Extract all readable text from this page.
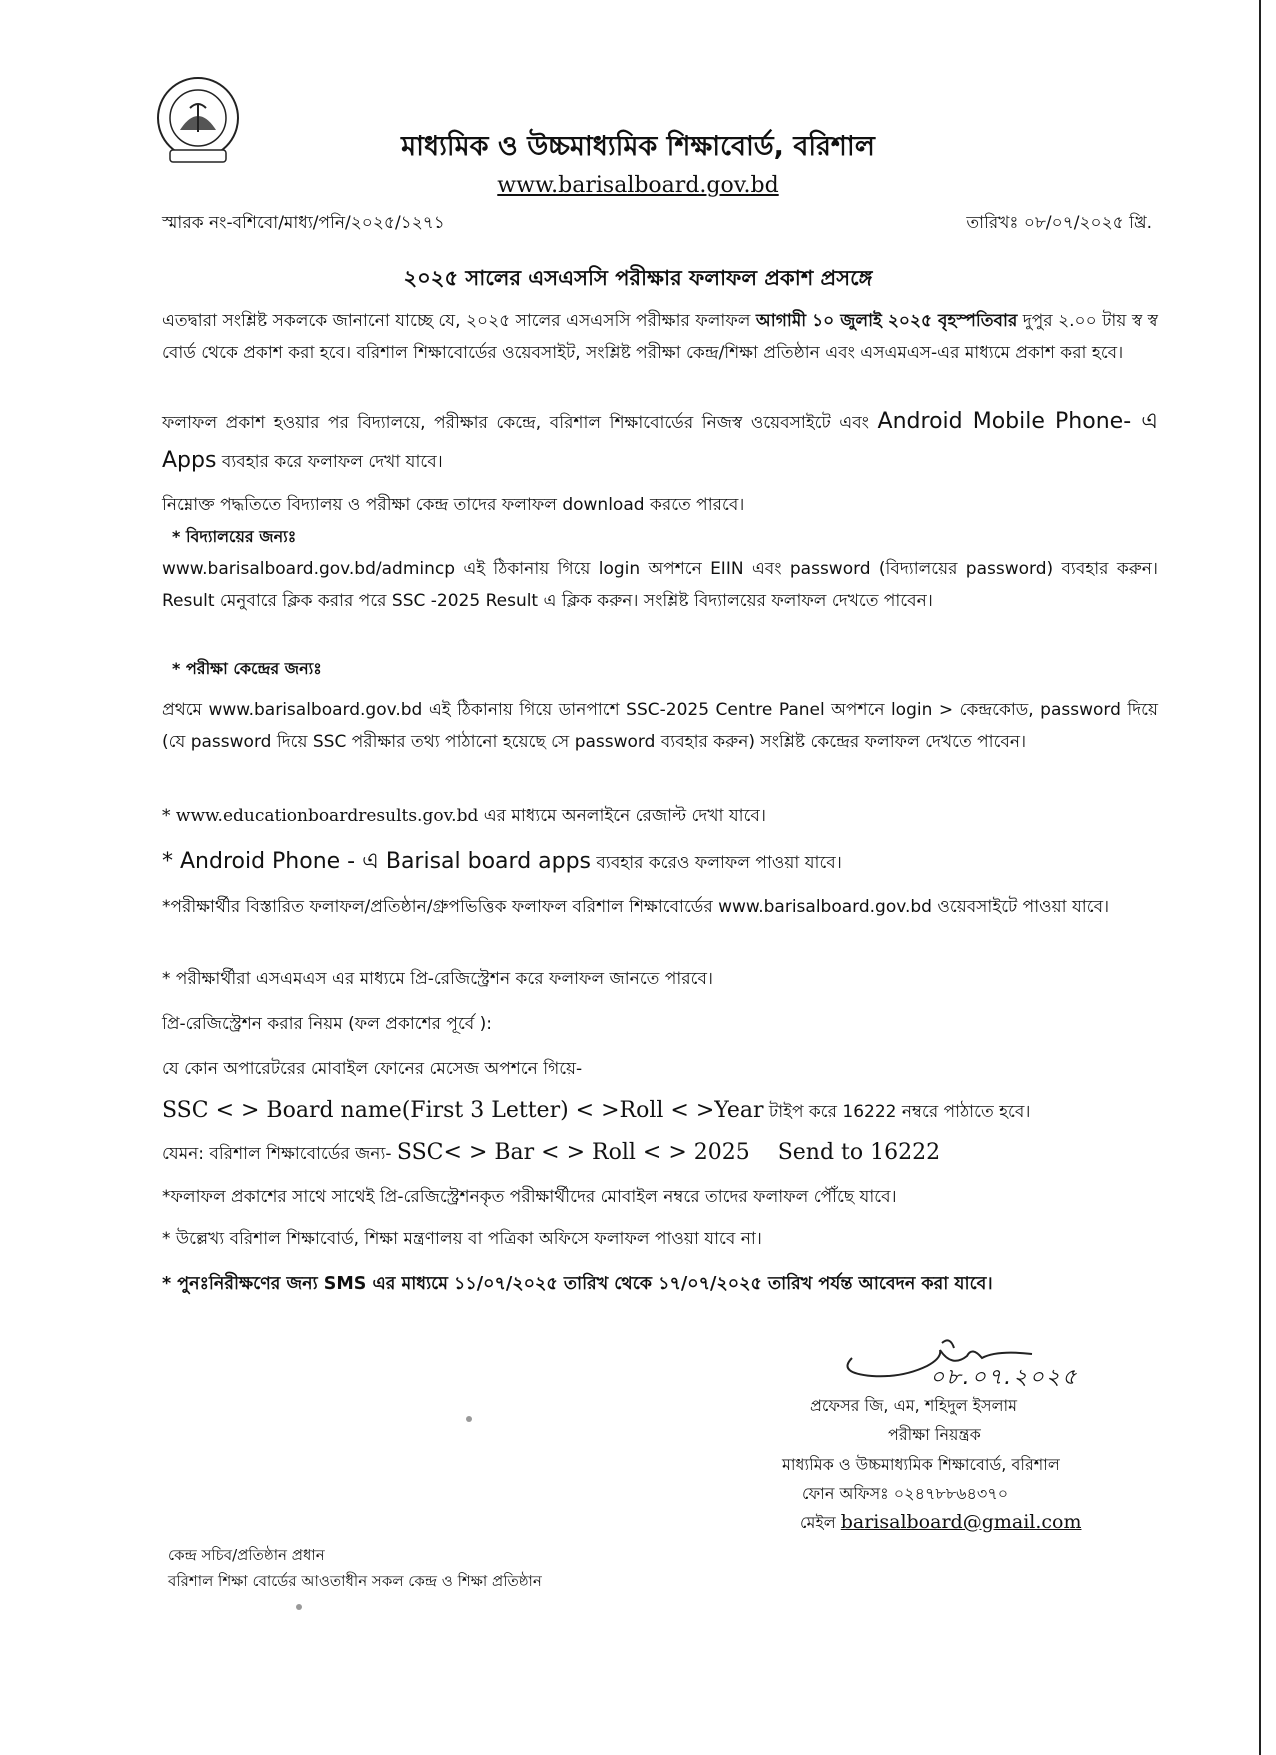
মাধ্যমিক ও উচ্চমাধ্যমিক শিক্ষাবোর্ড, বরিশাল
www.barisalboard.gov.bd
স্মারক নং-বশিবো/মাধ্য/পনি/২০২৫/১২৭১	তারিখঃ ০৮/০৭/২০২৫ খ্রি.
২০২৫ সালের এসএসসি পরীক্ষার ফলাফল প্রকাশ প্রসঙ্গে

এতদ্বারা সংশ্লিষ্ট সকলকে জানানো যাচ্ছে যে, ২০২৫ সালের এসএসসি পরীক্ষার ফলাফল আগামী ১০ জুলাই ২০২৫ বৃহস্পতিবার দুপুর ২.০০ টায় স্ব স্ব বোর্ড থেকে প্রকাশ করা হবে। বরিশাল শিক্ষাবোর্ডের ওয়েবসাইট, সংশ্লিষ্ট পরীক্ষা কেন্দ্র/শিক্ষা প্রতিষ্ঠান এবং এসএমএস-এর মাধ্যমে প্রকাশ করা হবে।

ফলাফল প্রকাশ হওয়ার পর বিদ্যালয়ে, পরীক্ষার কেন্দ্রে, বরিশাল শিক্ষাবোর্ডের নিজস্ব ওয়েবসাইটে এবং Android Mobile Phone- এ Apps ব্যবহার করে ফলাফল দেখা যাবে।

নিম্নোক্ত পদ্ধতিতে বিদ্যালয় ও পরীক্ষা কেন্দ্র তাদের ফলাফল download করতে পারবে।
* বিদ্যালয়ের জন্যঃ

www.barisalboard.gov.bd/admincp এই ঠিকানায় গিয়ে login অপশনে EIIN এবং password (বিদ্যালয়ের password) ব্যবহার করুন। Result মেনুবারে ক্লিক করার পরে SSC -2025 Result এ ক্লিক করুন। সংশ্লিষ্ট বিদ্যালয়ের ফলাফল দেখতে পাবেন।

* পরীক্ষা কেন্দ্রের জন্যঃ

প্রথমে www.barisalboard.gov.bd এই ঠিকানায় গিয়ে ডানপাশে SSC-2025 Centre Panel অপশনে login > কেন্দ্রকোড, password দিয়ে (যে password দিয়ে SSC পরীক্ষার তথ্য পাঠানো হয়েছে সে password ব্যবহার করুন) সংশ্লিষ্ট কেন্দ্রের ফলাফল দেখতে পাবেন।

* www.educationboardresults.gov.bd এর মাধ্যমে অনলাইনে রেজাল্ট দেখা যাবে।
* Android Phone - এ Barisal board apps ব্যবহার করেও ফলাফল পাওয়া যাবে।

*পরীক্ষার্থীর বিস্তারিত ফলাফল/প্রতিষ্ঠান/গ্রুপভিত্তিক ফলাফল বরিশাল শিক্ষাবোর্ডের www.barisalboard.gov.bd ওয়েবসাইটে পাওয়া যাবে।

* পরীক্ষার্থীরা এসএমএস এর মাধ্যমে প্রি-রেজিস্ট্রেশন করে ফলাফল জানতে পারবে।
প্রি-রেজিস্ট্রেশন করার নিয়ম (ফল প্রকাশের পূর্বে ):
যে কোন অপারেটরের মোবাইল ফোনের মেসেজ অপশনে গিয়ে-
SSC < > Board name(First 3 Letter) < >Roll < >Year টাইপ করে 16222 নম্বরে পাঠাতে হবে।
যেমন: বরিশাল শিক্ষাবোর্ডের জন্য- SSC< > Bar < > Roll < > 2025    Send to 16222
*ফলাফল প্রকাশের সাথে সাথেই প্রি-রেজিস্ট্রেশনকৃত পরীক্ষার্থীদের মোবাইল নম্বরে তাদের ফলাফল পৌঁছে যাবে।
* উল্লেখ্য বরিশাল শিক্ষাবোর্ড, শিক্ষা মন্ত্রণালয় বা পত্রিকা অফিসে ফলাফল পাওয়া যাবে না।
* পুনঃনিরীক্ষণের জন্য SMS এর মাধ্যমে ১১/০৭/২০২৫ তারিখ থেকে ১৭/০৭/২০২৫ তারিখ পর্যন্ত আবেদন করা যাবে।
০৮.০৭.২০২৫
প্রফেসর জি, এম, শহিদুল ইসলাম
পরীক্ষা নিয়ন্ত্রক
মাধ্যমিক ও উচ্চমাধ্যমিক শিক্ষাবোর্ড, বরিশাল
ফোন অফিসঃ ০২৪৭৮৮৬৪৩৭০
মেইল barisalboard@gmail.com
কেন্দ্র সচিব/প্রতিষ্ঠান প্রধান
বরিশাল শিক্ষা বোর্ডের আওতাধীন সকল কেন্দ্র ও শিক্ষা প্রতিষ্ঠান
